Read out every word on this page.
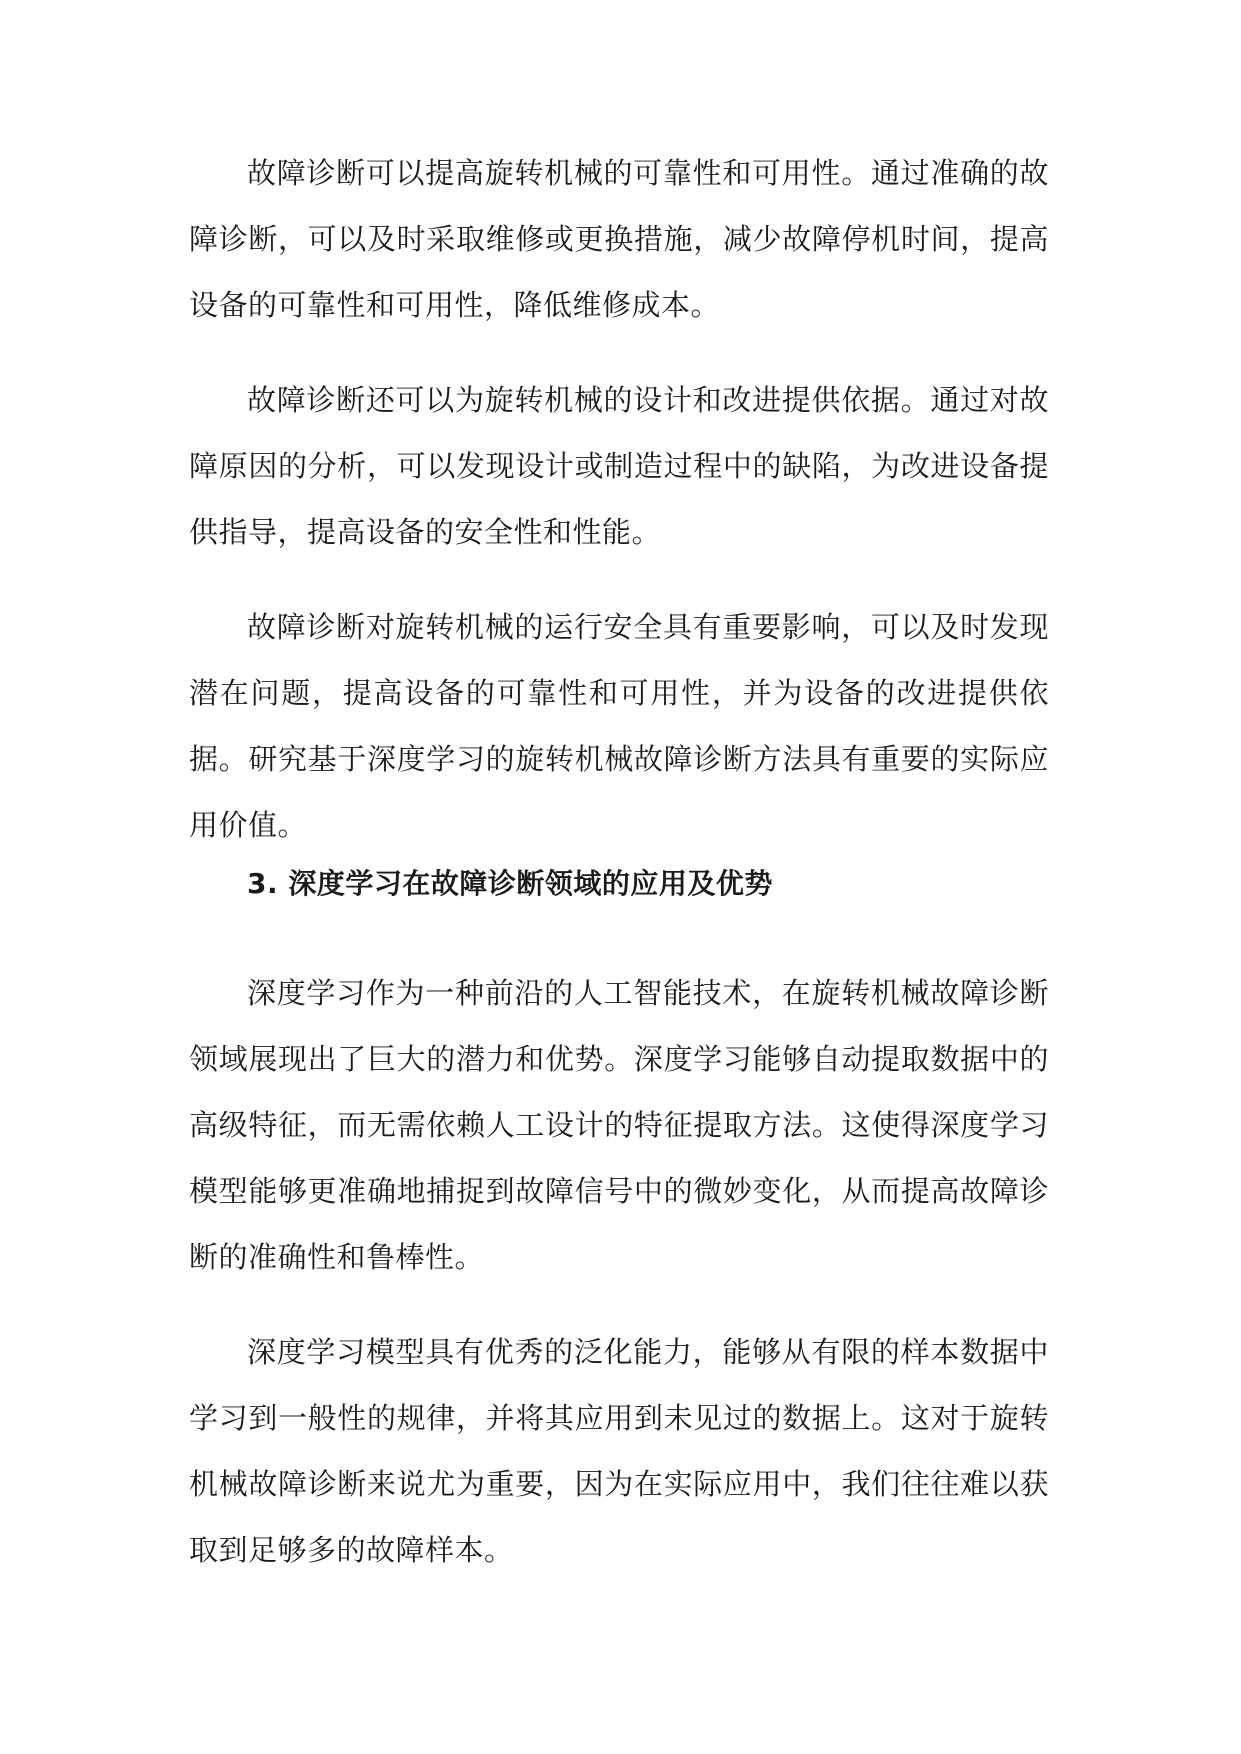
故障诊断可以提高旋转机械的可靠性和可用性。通过准确的故障诊断，可以及时采取维修或更换措施，减少故障停机时间，提高设备的可靠性和可用性，降低维修成本。

故障诊断还可以为旋转机械的设计和改进提供依据。通过对故障原因的分析，可以发现设计或制造过程中的缺陷，为改进设备提供指导，提高设备的安全性和性能。

故障诊断对旋转机械的运行安全具有重要影响，可以及时发现潜在问题，提高设备的可靠性和可用性，并为设备的改进提供依据。研究基于深度学习的旋转机械故障诊断方法具有重要的实际应用价值。

3. 深度学习在故障诊断领域的应用及优势

深度学习作为一种前沿的人工智能技术，在旋转机械故障诊断领域展现出了巨大的潜力和优势。深度学习能够自动提取数据中的高级特征，而无需依赖人工设计的特征提取方法。这使得深度学习模型能够更准确地捕捉到故障信号中的微妙变化，从而提高故障诊断的准确性和鲁棒性。

深度学习模型具有优秀的泛化能力，能够从有限的样本数据中学习到一般性的规律，并将其应用到未见过的数据上。这对于旋转机械故障诊断来说尤为重要，因为在实际应用中，我们往往难以获取到足够多的故障样本。
